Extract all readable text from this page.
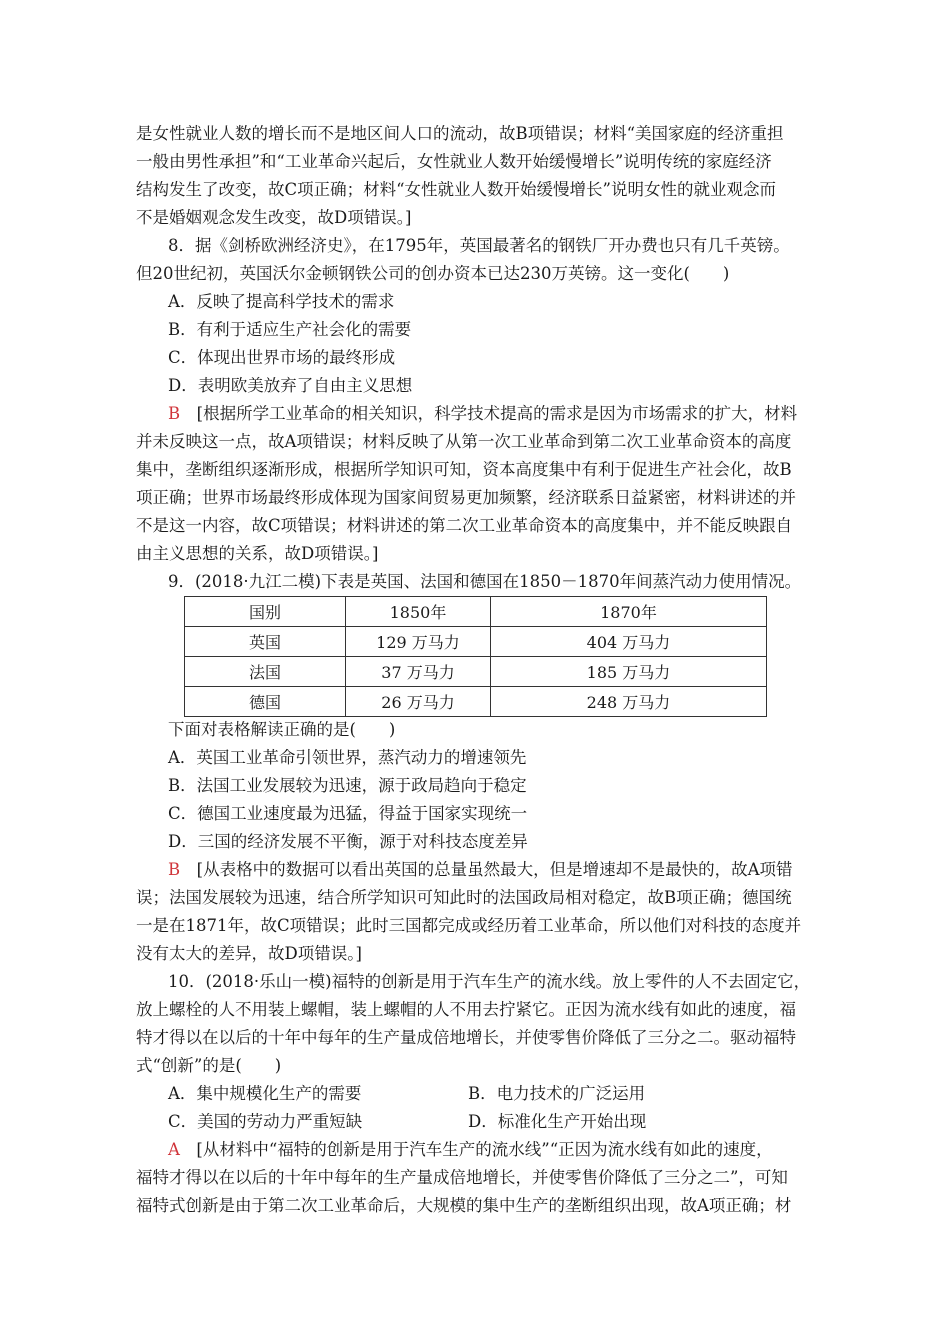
是女性就业人数的增长而不是地区间人口的流动，故B项错误；材料“美国家庭的经济重担
一般由男性承担”和“工业革命兴起后，女性就业人数开始缓慢增长”说明传统的家庭经济
结构发生了改变，故C项正确；材料“女性就业人数开始缓慢增长”说明女性的就业观念而
不是婚姻观念发生改变，故D项错误。]
8．据《剑桥欧洲经济史》，在1795年，英国最著名的钢铁厂开办费也只有几千英镑。
但20世纪初，英国沃尔金顿钢铁公司的创办资本已达230万英镑。这一变化(　　)
A．反映了提高科学技术的需求
B．有利于适应生产社会化的需要
C．体现出世界市场的最终形成
D．表明欧美放弃了自由主义思想
B　 [根据所学工业革命的相关知识，科学技术提高的需求是因为市场需求的扩大，材料
并未反映这一点，故A项错误；材料反映了从第一次工业革命到第二次工业革命资本的高度
集中，垄断组织逐渐形成，根据所学知识可知，资本高度集中有利于促进生产社会化，故B
项正确；世界市场最终形成体现为国家间贸易更加频繁，经济联系日益紧密，材料讲述的并
不是这一内容，故C项错误；材料讲述的第二次工业革命资本的高度集中，并不能反映跟自
由主义思想的关系，故D项错误。]
9．(2018·九江二模)下表是英国、法国和德国在1850－1870年间蒸汽动力使用情况。
国别	1850年	1870年
英国	129 万马力	404 万马力
法国	37 万马力	185 万马力
德国	26 万马力	248 万马力
下面对表格解读正确的是(　　)
A．英国工业革命引领世界，蒸汽动力的增速领先
B．法国工业发展较为迅速，源于政局趋向于稳定
C．德国工业速度最为迅猛，得益于国家实现统一
D．三国的经济发展不平衡，源于对科技态度差异
B　 [从表格中的数据可以看出英国的总量虽然最大，但是增速却不是最快的，故A项错
误；法国发展较为迅速，结合所学知识可知此时的法国政局相对稳定，故B项正确；德国统
一是在1871年，故C项错误；此时三国都完成或经历着工业革命，所以他们对科技的态度并
没有太大的差异，故D项错误。]
10．(2018·乐山一模)福特的创新是用于汽车生产的流水线。放上零件的人不去固定它，
放上螺栓的人不用装上螺帽，装上螺帽的人不用去拧紧它。正因为流水线有如此的速度，福
特才得以在以后的十年中每年的生产量成倍地增长，并使零售价降低了三分之二。驱动福特
式“创新”的是(　　)
A．集中规模化生产的需要	B．电力技术的广泛运用
C．美国的劳动力严重短缺	D．标准化生产开始出现
A　 [从材料中“福特的创新是用于汽车生产的流水线”“正因为流水线有如此的速度，
福特才得以在以后的十年中每年的生产量成倍地增长，并使零售价降低了三分之二”，可知
福特式创新是由于第二次工业革命后，大规模的集中生产的垄断组织出现，故A项正确；材
